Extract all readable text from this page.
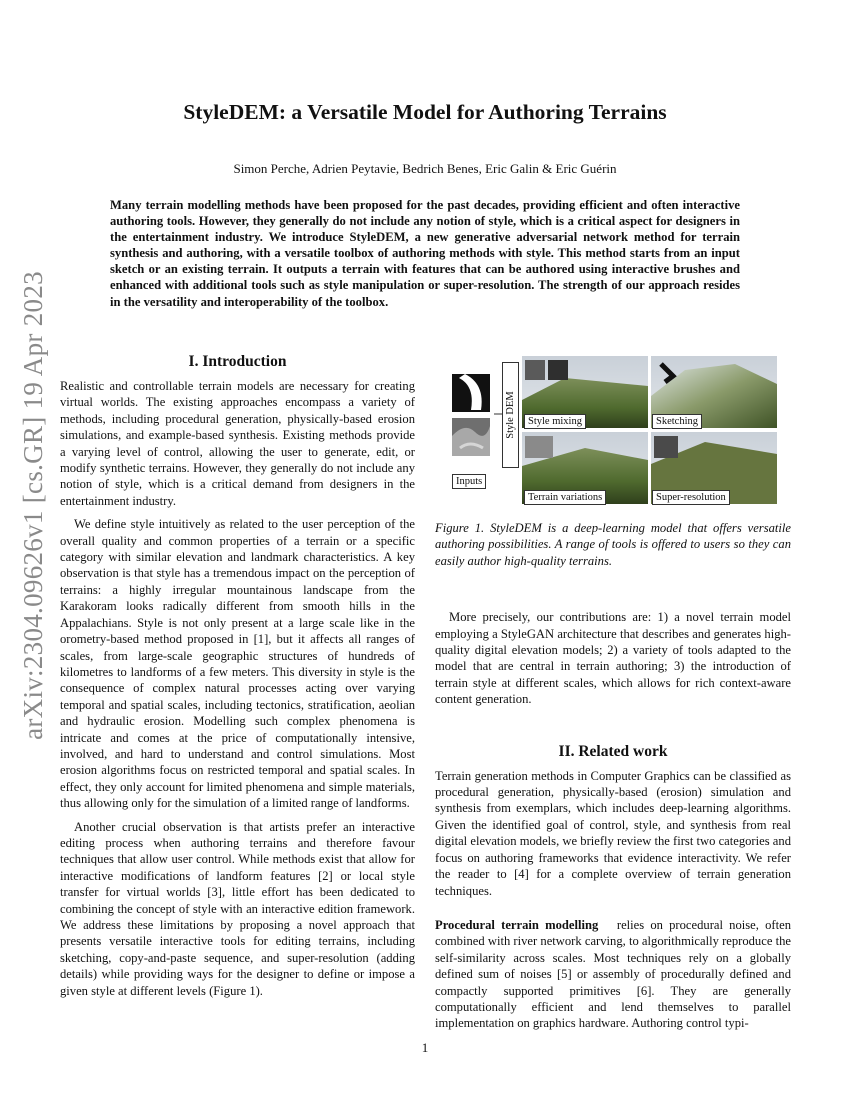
arXiv:2304.09626v1 [cs.GR] 19 Apr 2023
StyleDEM: a Versatile Model for Authoring Terrains
Simon Perche, Adrien Peytavie, Bedrich Benes, Eric Galin & Eric Guérin

Many terrain modelling methods have been proposed for the past decades, providing efficient and often interactive authoring tools. However, they generally do not include any notion of style, which is a critical aspect for designers in the entertainment industry. We introduce StyleDEM, a new generative adversarial network method for terrain synthesis and authoring, with a versatile toolbox of authoring methods with style. This method starts from an input sketch or an existing terrain. It outputs a terrain with features that can be authored using interactive brushes and enhanced with additional tools such as style manipulation or super-resolution. The strength of our approach resides in the versatility and interoperability of the toolbox.

I. Introduction

Realistic and controllable terrain models are necessary for creating virtual worlds. The existing approaches encompass a variety of methods, including procedural generation, physically-based erosion simulations, and example-based synthesis. Existing methods provide a varying level of control, allowing the user to generate, edit, or modify synthetic terrains. However, they generally do not include any notion of style, which is a critical demand from designers in the entertainment industry.

We define style intuitively as related to the user perception of the overall quality and common properties of a terrain or a specific category with similar elevation and landmark characteristics. A key observation is that style has a tremendous impact on the perception of terrains: a highly irregular mountainous landscape from the Karakoram looks radically different from smooth hills in the Appalachians. Style is not only present at a large scale like in the orometry-based method proposed in [1], but it affects all ranges of scales, from large-scale geographic structures of hundreds of kilometres to landforms of a few meters. This diversity in style is the consequence of complex natural processes acting over varying temporal and spatial scales, including tectonics, stratification, aeolian and hydraulic erosion. Modelling such complex phenomena is intricate and comes at the price of computationally intensive, involved, and hard to understand and control simulations. Most erosion algorithms focus on restricted temporal and spatial scales. In effect, they only account for limited phenomena and simple materials, thus allowing only for the simulation of a limited range of landforms.

Another crucial observation is that artists prefer an interactive editing process when authoring terrains and therefore favour techniques that allow user control. While methods exist that allow for interactive modifications of landform features [2] or local style transfer for virtual worlds [3], little effort has been dedicated to combining the concept of style with an interactive edition framework. We address these limitations by proposing a novel approach that presents versatile interactive tools for editing terrains, including sketching, copy-and-paste sequence, and super-resolution (adding details) while providing ways for the designer to define or impose a given style at different levels (Figure 1).

Inputs
Style DEM	Style mixing	Sketching
Terrain variations	Super-resolution

Figure 1. StyleDEM is a deep-learning model that offers versatile authoring possibilities. A range of tools is offered to users so they can easily author high-quality terrains.

More precisely, our contributions are: 1) a novel terrain model employing a StyleGAN architecture that describes and generates high-quality digital elevation models; 2) a variety of tools adapted to the model that are central in terrain authoring; 3) the introduction of terrain style at different scales, which allows for rich context-aware content generation.

II. Related work

Terrain generation methods in Computer Graphics can be classified as procedural generation, physically-based (erosion) simulation and synthesis from exemplars, which includes deep-learning algorithms. Given the identified goal of control, style, and synthesis from real digital elevation models, we briefly review the first two categories and focus on authoring frameworks that evidence interactivity. We refer the reader to [4] for a complete overview of terrain generation techniques.

Procedural terrain modelling relies on procedural noise, often combined with river network carving, to algorithmically reproduce the self-similarity across scales. Most techniques rely on a globally defined sum of noises [5] or assembly of procedurally defined and compactly supported primitives [6]. They are generally computationally efficient and lend themselves to parallel implementation on graphics hardware. Authoring control typi-

1
